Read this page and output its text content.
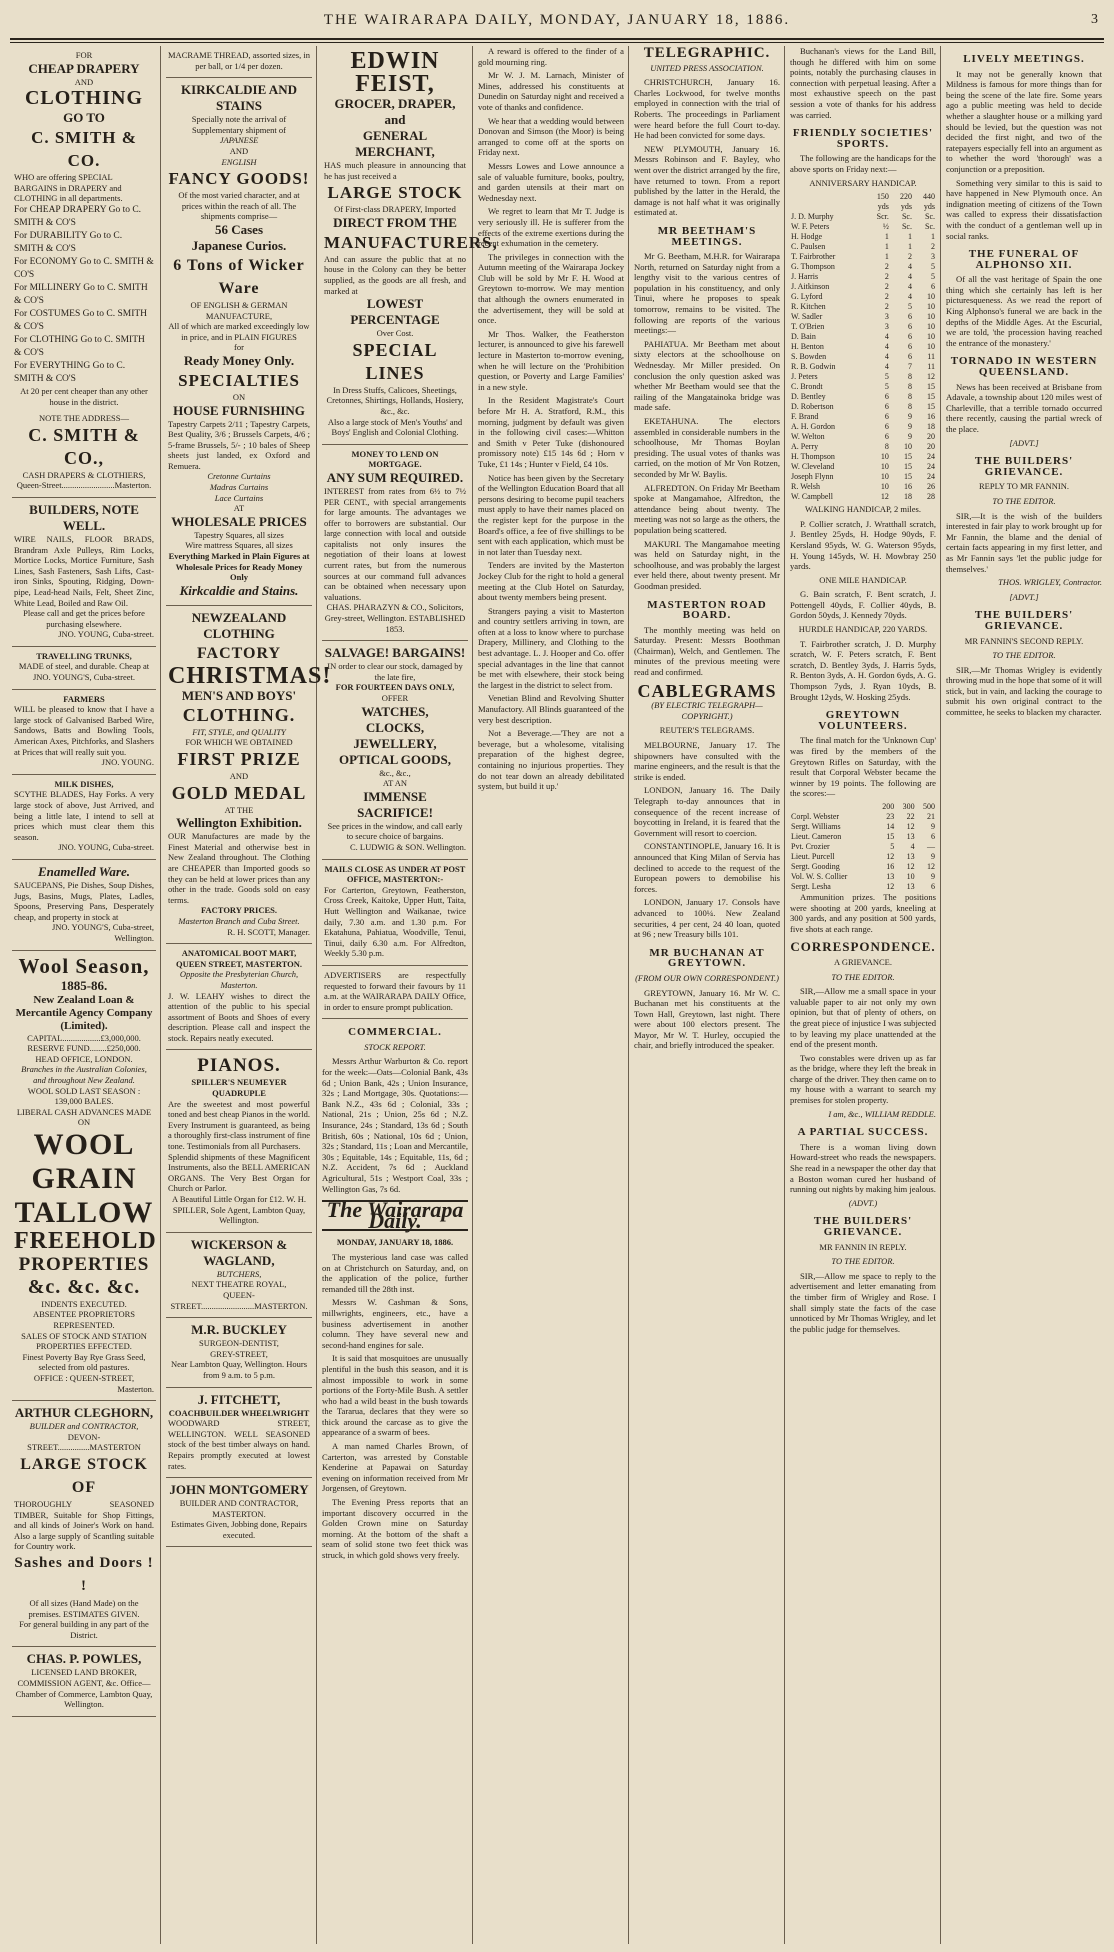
THE WAIRARAPA DAILY, MONDAY, JANUARY 18, 1886.	3
FOR
CHEAP DRAPERY
AND
CLOTHING
GO TO
C. SMITH & CO.
WHO are offering SPECIAL BARGAINS in DRAPERY and CLOTHING in all departments.
For CHEAP DRAPERY Go to C. SMITH & CO'S
For DURABILITY Go to C. SMITH & CO'S
For ECONOMY Go to C. SMITH & CO'S
For MILLINERY Go to C. SMITH & CO'S
For COSTUMES Go to C. SMITH & CO'S
For CLOTHING Go to C. SMITH & CO'S
For EVERYTHING Go to C. SMITH & CO'S
At 20 per cent cheaper than any other house in the district.
NOTE THE ADDRESS—
C. SMITH & CO.,
CASH DRAPERS & CLOTHIERS,
Queen-Street.........................Masterton.
BUILDERS, NOTE WELL.
WIRE NAILS, FLOOR BRADS, Brandram Axle Pulleys, Rim Locks, Mortice Locks, Mortice Furniture, Sash Lines, Sash Fasteners, Sash Lifts, Cast-iron Sinks, Spouting, Ridging, Down-pipe, Lead-head Nails, Felt, Sheet Zinc, White Lead, Boiled and Raw Oil.
Please call and get the prices before purchasing elsewhere.
JNO. YOUNG, Cuba-street.
TRAVELLING TRUNKS,
MADE of steel, and durable. Cheap at JNO. YOUNG'S, Cuba-street.
FARMERS
WILL be pleased to know that I have a large stock of Galvanised Barbed Wire, Sandows, Batts and Bowling Tools, American Axes, Pitchforks, and Slashers at Prices that will really suit you.
JNO. YOUNG.
MILK DISHES,
SCYTHE BLADES, Hay Forks. A very large stock of above, Just Arrived, and being a little late, I intend to sell at prices which must clear them this season.
JNO. YOUNG, Cuba-street.
Enamelled Ware.
SAUCEPANS, Pie Dishes, Soup Dishes, Jugs, Basins, Mugs, Plates, Ladles, Spoons, Preserving Pans, Desperately cheap, and property in stock at
JNO. YOUNG'S, Cuba-street, Wellington.
Wool Season,
1885-86.
New Zealand Loan & Mercantile Agency Company (Limited).
CAPITAL..................£3,000,000.
RESERVE FUND........£250,000.
HEAD OFFICE, LONDON.
Branches in the Australian Colonies, and throughout New Zealand.
WOOL SOLD LAST SEASON : 139,000 BALES.
LIBERAL CASH ADVANCES MADE ON
WOOL
GRAIN
TALLOW
FREEHOLD
PROPERTIES
&c. &c. &c.
INDENTS EXECUTED.
ABSENTEE PROPRIETORS REPRESENTED.
SALES OF STOCK AND STATION PROPERTIES EFFECTED.
Finest Poverty Bay Rye Grass Seed, selected from old pastures.
OFFICE : QUEEN-STREET,
Masterton.
ARTHUR CLEGHORN,
BUILDER and CONTRACTOR,
DEVON-STREET...............MASTERTON
LARGE STOCK OF
THOROUGHLY SEASONED TIMBER, Suitable for Shop Fittings, and all kinds of Joiner's Work on hand. Also a large supply of Scantling suitable for Country work.
Sashes and Doors ! !
Of all sizes (Hand Made) on the premises. ESTIMATES GIVEN.
For general building in any part of the District.
CHAS. P. POWLES,
LICENSED LAND BROKER, COMMISSION AGENT, &c. Office—Chamber of Commerce, Lambton Quay, Wellington.
MACRAME THREAD, assorted sizes, in per ball, or 1/4 per dozen.
KIRKCALDIE AND STAINS
Specially note the arrival of Supplementary shipment of
JAPANESE
AND
ENGLISH
FANCY GOODS!
Of the most varied character, and at prices within the reach of all. The shipments comprise—
56 Cases
Japanese Curios.
6 Tons of Wicker Ware
OF ENGLISH & GERMAN MANUFACTURE,
All of which are marked exceedingly low in price, and in PLAIN FIGURES
for
Ready Money Only.
SPECIALTIES
ON
HOUSE FURNISHING
Tapestry Carpets 2/11 ; Tapestry Carpets, Best Quality, 3/6 ; Brussels Carpets, 4/6 ; 5-frame Brussels, 5/- ; 10 bales of Sheep sheets just landed, ex Oxford and Remuera.
Cretonne Curtains
Madras Curtains
Lace Curtains
AT
WHOLESALE PRICES
Tapestry Squares, all sizes
Wire mattress Squares, all sizes
Everything Marked in Plain Figures at Wholesale Prices for Ready Money Only
Kirkcaldie and Stains.
NEWZEALAND CLOTHING
FACTORY
CHRISTMAS!
MEN'S AND BOYS'
CLOTHING.
FIT, STYLE, and QUALITY
FOR WHICH WE OBTAINED
FIRST PRIZE
AND
GOLD MEDAL
AT THE
Wellington Exhibition.
OUR Manufactures are made by the Finest Material and otherwise best in New Zealand throughout. The Clothing are CHEAPER than Imported goods so they can be held at lower prices than any other in the trade. Goods sold on easy terms.
FACTORY PRICES.
Masterton Branch and Cuba Street.
R. H. SCOTT, Manager.
ANATOMICAL BOOT MART, QUEEN STREET, MASTERTON.
Opposite the Presbyterian Church, Masterton.
J. W. LEAHY wishes to direct the attention of the public to his special assortment of Boots and Shoes of every description. Please call and inspect the stock. Repairs neatly executed.
PIANOS.
SPILLER'S NEUMEYER QUADRUPLE
Are the sweetest and most powerful toned and best cheap Pianos in the world. Every Instrument is guaranteed, as being a thoroughly first-class instrument of fine tone. Testimonials from all Purchasers.
Splendid shipments of these Magnificent Instruments, also the BELL AMERICAN ORGANS. The Very Best Organ for Church or Parlor.
A Beautiful Little Organ for £12. W. H. SPILLER, Sole Agent, Lambton Quay, Wellington.
WICKERSON & WAGLAND,
BUTCHERS,
NEXT THEATRE ROYAL,
QUEEN-STREET.........................MASTERTON.
M.R. BUCKLEY
SURGEON-DENTIST,
GREY-STREET,
Near Lambton Quay, Wellington. Hours from 9 a.m. to 5 p.m.
J. FITCHETT,
COACHBUILDER WHEELWRIGHT
WOODWARD STREET, WELLINGTON. WELL SEASONED stock of the best timber always on hand. Repairs promptly executed at lowest rates.
JOHN MONTGOMERY
BUILDER AND CONTRACTOR, MASTERTON.
Estimates Given, Jobbing done, Repairs executed.
EDWIN FEIST,
GROCER, DRAPER, and
GENERAL MERCHANT,
HAS much pleasure in announcing that he has just received a
LARGE STOCK
Of First-class DRAPERY, Imported
DIRECT FROM THE
MANUFACTURERS,
And can assure the public that at no house in the Colony can they be better supplied, as the goods are all fresh, and marked at
LOWEST PERCENTAGE
Over Cost.
SPECIAL LINES
In Dress Stuffs, Calicoes, Sheetings, Cretonnes, Shirtings, Hollands, Hosiery, &c., &c.
Also a large stock of Men's Youths' and Boys' English and Colonial Clothing.
MONEY TO LEND ON MORTGAGE.
ANY SUM REQUIRED.
INTEREST from rates from 6½ to 7½ PER CENT., with special arrangements for large amounts. The advantages we offer to borrowers are substantial. Our large connection with local and outside capitalists not only insures the negotiation of their loans at lowest current rates, but from the numerous sources at our command full advances can be obtained when necessary upon valuations.
CHAS. PHARAZYN & CO., Solicitors, Grey-street, Wellington. ESTABLISHED 1853.
SALVAGE! BARGAINS!
IN order to clear our stock, damaged by the late fire,
FOR FOURTEEN DAYS ONLY,
OFFER
WATCHES,
CLOCKS,
JEWELLERY,
OPTICAL GOODS,
&c., &c.,
AT AN
IMMENSE SACRIFICE!
See prices in the window, and call early to secure choice of bargains.
C. LUDWIG & SON. Wellington.
MAILS CLOSE AS UNDER AT POST OFFICE, MASTERTON:-
For Carterton, Greytown, Featherston, Cross Creek, Kaitoke, Upper Hutt, Taita, Hutt Wellington and Waikanae, twice daily, 7.30 a.m. and 1.30 p.m. For Ekatahuna, Pahiatua, Woodville, Tenui, Tinui, daily 6.30 a.m. For Alfredton, Weekly 5.30 p.m.
ADVERTISERS are respectfully requested to forward their favours by 11 a.m. at the WAIRARAPA DAILY Office, in order to ensure prompt publication.
COMMERCIAL.
STOCK REPORT.

Messrs Arthur Warburton & Co. report for the week:—Oats—Colonial Bank, 43s 6d ; Union Bank, 42s ; Union Insurance, 32s ; Land Mortgage, 30s. Quotations:—Bank N.Z., 43s 6d ; Colonial, 33s ; National, 21s ; Union, 25s 6d ; N.Z. Insurance, 24s ; Standard, 13s 6d ; South British, 60s ; National, 10s 6d ; Union, 32s ; Standard, 11s ; Loan and Mercantile, 30s ; Equitable, 14s ; Equitable, 11s, 6d ; N.Z. Accident, 7s 6d ; Auckland Agricultural, 51s ; Westport Coal, 33s ; Wellington Gas, 7s 6d.

The Wairarapa Daily.
MONDAY, JANUARY 18, 1886.

The mysterious land case was called on at Christchurch on Saturday, and, on the application of the police, further remanded till the 28th inst.

Messrs W. Cashman & Sons, millwrights, engineers, etc., have a business advertisement in another column. They have several new and second-hand engines for sale.

It is said that mosquitoes are unusually plentiful in the bush this season, and it is almost impossible to work in some portions of the Forty-Mile Bush. A settler who had a wild beast in the bush towards the Tararua, declares that they were so thick around the carcase as to give the appearance of a swarm of bees.

A man named Charles Brown, of Carterton, was arrested by Constable Kenderine at Papawai on Saturday evening on information received from Mr Jorgensen, of Greytown.

The Evening Press reports that an important discovery occurred in the Golden Crown mine on Saturday morning. At the bottom of the shaft a seam of solid stone two feet thick was struck, in which gold shows very freely.

A reward is offered to the finder of a gold mourning ring.

Mr W. J. M. Larnach, Minister of Mines, addressed his constituents at Dunedin on Saturday night and received a vote of thanks and confidence.

We hear that a wedding would between Donovan and Simson (the Moor) is being arranged to come off at the sports on Friday next.

Messrs Lowes and Lowe announce a sale of valuable furniture, books, poultry, and garden utensils at their mart on Wednesday next.

We regret to learn that Mr T. Judge is very seriously ill. He is sufferer from the effects of the extreme exertions during the recent exhumation in the cemetery.

The privileges in connection with the Autumn meeting of the Wairarapa Jockey Club will be sold by Mr F. H. Wood at Greytown to-morrow. We may mention that although the owners enumerated in the advertisement, they will be sold at once.

Mr Thos. Walker, the Featherston lecturer, is announced to give his farewell lecture in Masterton to-morrow evening, when he will lecture on the 'Prohibition question, or Poverty and Large Families' in a new style.

In the Resident Magistrate's Court before Mr H. A. Stratford, R.M., this morning, judgment by default was given in the following civil cases:—Whitton and Smith v Peter Tuke (dishonoured promissory note) £15 14s 6d ; Horn v Tuke, £1 14s ; Hunter v Field, £4 10s.

Notice has been given by the Secretary of the Wellington Education Board that all persons desiring to become pupil teachers must apply to have their names placed on the register kept for the purpose in the Board's office, a fee of five shillings to be sent with each application, which must be in not later than Tuesday next.

Tenders are invited by the Masterton Jockey Club for the right to hold a general meeting at the Club Hotel on Saturday, about twenty members being present.

Strangers paying a visit to Masterton and country settlers arriving in town, are often at a loss to know where to purchase Drapery, Millinery, and Clothing to the best advantage. L. J. Hooper and Co. offer special advantages in the line that cannot be met with elsewhere, their stock being the largest in the district to select from.

Venetian Blind and Revolving Shutter Manufactory. All Blinds guaranteed of the very best description.

Not a Beverage.—'They are not a beverage, but a wholesome, vitalising preparation of the highest degree, containing no injurious properties. They do not tear down an already debilitated system, but build it up.'

TELEGRAPHIC.
UNITED PRESS ASSOCIATION.

CHRISTCHURCH, January 16. Charles Lockwood, for twelve months employed in connection with the trial of Roberts. The proceedings in Parliament were heard before the full Court to-day. He had been convicted for some days.

NEW PLYMOUTH, January 16. Messrs Robinson and F. Bayley, who went over the district arranged by the fire, have returned to town. From a report published by the latter in the Herald, the damage is not half what it was originally estimated at.

MR BEETHAM'S MEETINGS.

Mr G. Beetham, M.H.R. for Wairarapa North, returned on Saturday night from a lengthy visit to the various centres of population in his constituency, and only Tinui, where he proposes to speak tomorrow, remains to be visited. The following are reports of the various meetings:—

PAHIATUA. Mr Beetham met about sixty electors at the schoolhouse on Wednesday. Mr Miller presided. On conclusion the only question asked was whether Mr Beetham would see that the railing of the Mangatainoka bridge was made safe.

EKETAHUNA. The electors assembled in considerable numbers in the schoolhouse, Mr Thomas Boylan presiding. The usual votes of thanks was carried, on the motion of Mr Von Rotzen, seconded by Mr W. Baylis.

ALFREDTON. On Friday Mr Beetham spoke at Mangamahoe, Alfredton, the attendance being about twenty. The meeting was not so large as the others, the population being scattered.

MAKURI. The Mangamahoe meeting was held on Saturday night, in the schoolhouse, and was probably the largest ever held there, about twenty present. Mr Goodman presided.

MASTERTON ROAD BOARD.

The monthly meeting was held on Saturday. Present: Messrs Boothman (Chairman), Welch, and Gentlemen. The minutes of the previous meeting were read and confirmed.

CABLEGRAMS
(BY ELECTRIC TELEGRAPH—COPYRIGHT.)
REUTER'S TELEGRAMS.

MELBOURNE, January 17. The shipowners have consulted with the marine engineers, and the result is that the strike is ended.

LONDON, January 16. The Daily Telegraph to-day announces that in consequence of the recent increase of boycotting in Ireland, it is feared that the Government will resort to coercion.

CONSTANTINOPLE, January 16. It is announced that King Milan of Servia has declined to accede to the request of the European powers to demobilise his forces.

LONDON, January 17. Consols have advanced to 100¼. New Zealand securities, 4 per cent, 24 40 loan, quoted at 96 ; new Treasury bills 101.

MR BUCHANAN AT GREYTOWN.
(FROM OUR OWN CORRESPONDENT.)

GREYTOWN, January 16. Mr W. C. Buchanan met his constituents at the Town Hall, Greytown, last night. There were about 100 electors present. The Mayor, Mr W. T. Hurley, occupied the chair, and briefly introduced the speaker.

Buchanan's views for the Land Bill, though he differed with him on some points, notably the purchasing clauses in connection with perpetual leasing. After a most exhaustive speech on the past session a vote of thanks for his address was carried.

FRIENDLY SOCIETIES' SPORTS.

The following are the handicaps for the above sports on Friday next:—

ANNIVERSARY HANDICAP.
	150	220	440
	yds	yds	yds
J. D. Murphy	Scr.	Sc.	Sc.
W. F. Peters	½	Sc.	Sc.
H. Hodge	1	1	1
C. Paulsen	1	1	2
T. Fairbrother	1	2	3
G. Thompson	2	4	5
J. Harris	2	4	5
J. Aitkinson	2	4	6
G. Lyford	2	4	10
R. Kitchen	2	5	10
W. Sadler	3	6	10
T. O'Brien	3	6	10
D. Bain	4	6	10
H. Benton	4	6	10
S. Bowden	4	6	11
R. B. Godwin	4	7	11
J. Peters	5	8	12
C. Brondt	5	8	15
D. Bentley	6	8	15
D. Robertson	6	8	15
F. Brand	6	9	16
A. H. Gordon	6	9	18
W. Welton	6	9	20
A. Perry	8	10	20
H. Thompson	10	15	24
W. Cleveland	10	15	24
Joseph Flynn	10	15	24
R. Welsh	10	16	26
W. Campbell	12	18	28
WALKING HANDICAP, 2 miles.

P. Collier scratch, J. Wratthall scratch, J. Bentley 25yds, H. Hodge 90yds, F. Kersland 95yds, W. G. Waterson 95yds, H. Young 145yds, W. H. Mowbray 250 yards.

ONE MILE HANDICAP.

G. Bain scratch, F. Bent scratch, J. Pottengell 40yds, F. Collier 40yds, B. Gordon 50yds, J. Kennedy 70yds.

HURDLE HANDICAP, 220 YARDS.

T. Fairbrother scratch, J. D. Murphy scratch, W. F. Peters scratch, F. Bent scratch, D. Bentley 3yds, J. Harris 5yds, R. Benton 3yds, A. H. Gordon 6yds, A. G. Thompson 7yds, J. Ryan 10yds, B. Brought 12yds, W. Hosking 25yds.

GREYTOWN VOLUNTEERS.

The final match for the 'Unknown Cup' was fired by the members of the Greytown Rifles on Saturday, with the result that Corporal Webster became the winner by 19 points. The following are the scores:—

	200	300	500
Corpl. Webster	23	22	21
Sergt. Williams	14	12	9
Lieut. Cameron	15	13	6
Pvt. Crozier	5	4	—
Lieut. Purcell	12	13	9
Sergt. Gooding	16	12	12
Vol. W. S. Collier	13	10	9
Sergt. Lesha	12	13	6

Ammunition prizes. The positions were shooting at 200 yards, kneeling at 300 yards, and any position at 500 yards, five shots at each range.

CORRESPONDENCE.
A GRIEVANCE.
TO THE EDITOR.

SIR,—Allow me a small space in your valuable paper to air not only my own opinion, but that of plenty of others, on the great piece of injustice I was subjected to by leaving my place unattended at the end of the present month.

Two constables were driven up as far as the bridge, where they left the break in charge of the driver. They then came on to my house with a warrant to search my premises for stolen property.

I am, &c., WILLIAM REDDLE.
A PARTIAL SUCCESS.

There is a woman living down Howard-street who reads the newspapers. She read in a newspaper the other day that a Boston woman cured her husband of running out nights by making him jealous.

(ADVT.)
THE BUILDERS' GRIEVANCE.
MR FANNIN IN REPLY.
TO THE EDITOR.

SIR,—Allow me space to reply to the advertisement and letter emanating from the timber firm of Wrigley and Rose. I shall simply state the facts of the case unnoticed by Mr Thomas Wrigley, and let the public judge for themselves.

LIVELY MEETINGS.

It may not be generally known that Mildness is famous for more things than for being the scene of the late fire. Some years ago a public meeting was held to decide whether a slaughter house or a milking yard should be levied, but the question was not decided the first night, and two of the ratepayers especially fell into an argument as to whether the word 'thorough' was a conjunction or a preposition.

Something very similar to this is said to have happened in New Plymouth once. An indignation meeting of citizens of the Town was called to express their dissatisfaction with the conduct of a gentleman well up in social ranks.

THE FUNERAL OF ALPHONSO XII.

Of all the vast heritage of Spain the one thing which she certainly has left is her picturesqueness. As we read the report of King Alphonso's funeral we are back in the depths of the Middle Ages. At the Escurial, we are told, 'the procession having reached the entrance of the monastery.'

TORNADO IN WESTERN QUEENSLAND.

News has been received at Brisbane from Adavale, a township about 120 miles west of Charleville, that a terrible tornado occurred there recently, causing the partial wreck of the place.

[ADVT.]
THE BUILDERS' GRIEVANCE.
REPLY TO MR FANNIN.
TO THE EDITOR.

SIR,—It is the wish of the builders interested in fair play to work brought up for Mr Fannin, the blame and the denial of certain facts appearing in my first letter, and as Mr Fannin says 'let the public judge for themselves.'

THOS. WRIGLEY, Contractor.
[ADVT.]
THE BUILDERS' GRIEVANCE.
MR FANNIN'S SECOND REPLY.
TO THE EDITOR.

SIR,—Mr Thomas Wrigley is evidently throwing mud in the hope that some of it will stick, but in vain, and lacking the courage to submit his own original contract to the committee, he seeks to blacken my character.
